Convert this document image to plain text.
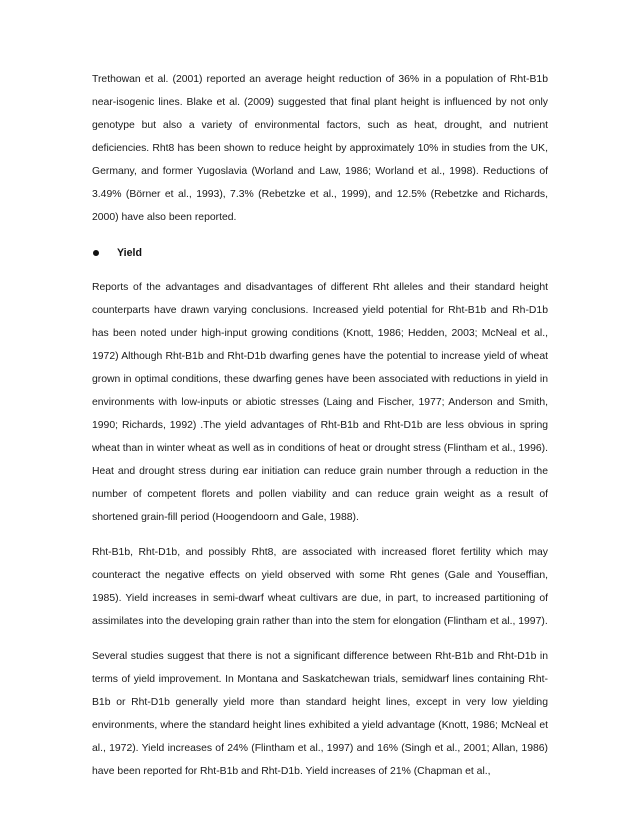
Trethowan et al. (2001) reported an average height reduction of 36% in a population of Rht-B1b near-isogenic lines. Blake et al. (2009) suggested that final plant height is influenced by not only genotype but also a variety of environmental factors, such as heat, drought, and nutrient deficiencies. Rht8 has been shown to reduce height by approximately 10% in studies from the UK, Germany, and former Yugoslavia (Worland and Law, 1986; Worland et al., 1998). Reductions of 3.49% (Börner et al., 1993), 7.3% (Rebetzke et al., 1999), and 12.5% (Rebetzke and Richards, 2000) have also been reported.

Yield

Reports of the advantages and disadvantages of different Rht alleles and their standard height counterparts have drawn varying conclusions. Increased yield potential for Rht-B1b and Rh-D1b has been noted under high-input growing conditions (Knott, 1986; Hedden, 2003; McNeal et al., 1972) Although Rht-B1b and Rht-D1b dwarfing genes have the potential to increase yield of wheat grown in optimal conditions, these dwarfing genes have been associated with reductions in yield in environments with low-inputs or abiotic stresses (Laing and Fischer, 1977; Anderson and Smith, 1990; Richards, 1992) .The yield advantages of Rht-B1b and Rht-D1b are less obvious in spring wheat than in winter wheat as well as in conditions of heat or drought stress (Flintham et al., 1996). Heat and drought stress during ear initiation can reduce grain number through a reduction in the number of competent florets and pollen viability and can reduce grain weight as a result of shortened grain-fill period (Hoogendoorn and Gale, 1988).

Rht-B1b, Rht-D1b, and possibly Rht8, are associated with increased floret fertility which may counteract the negative effects on yield observed with some Rht genes (Gale and Youseffian, 1985). Yield increases in semi-dwarf wheat cultivars are due, in part, to increased partitioning of assimilates into the developing grain rather than into the stem for elongation (Flintham et al., 1997).

Several studies suggest that there is not a significant difference between Rht-B1b and Rht-D1b in terms of yield improvement. In Montana and Saskatchewan trials, semidwarf lines containing Rht-B1b or Rht-D1b generally yield more than standard height lines, except in very low yielding environments, where the standard height lines exhibited a yield advantage (Knott, 1986; McNeal et al., 1972). Yield increases of 24% (Flintham et al., 1997) and 16% (Singh et al., 2001; Allan, 1986) have been reported for Rht-B1b and Rht-D1b. Yield increases of 21% (Chapman et al.,
